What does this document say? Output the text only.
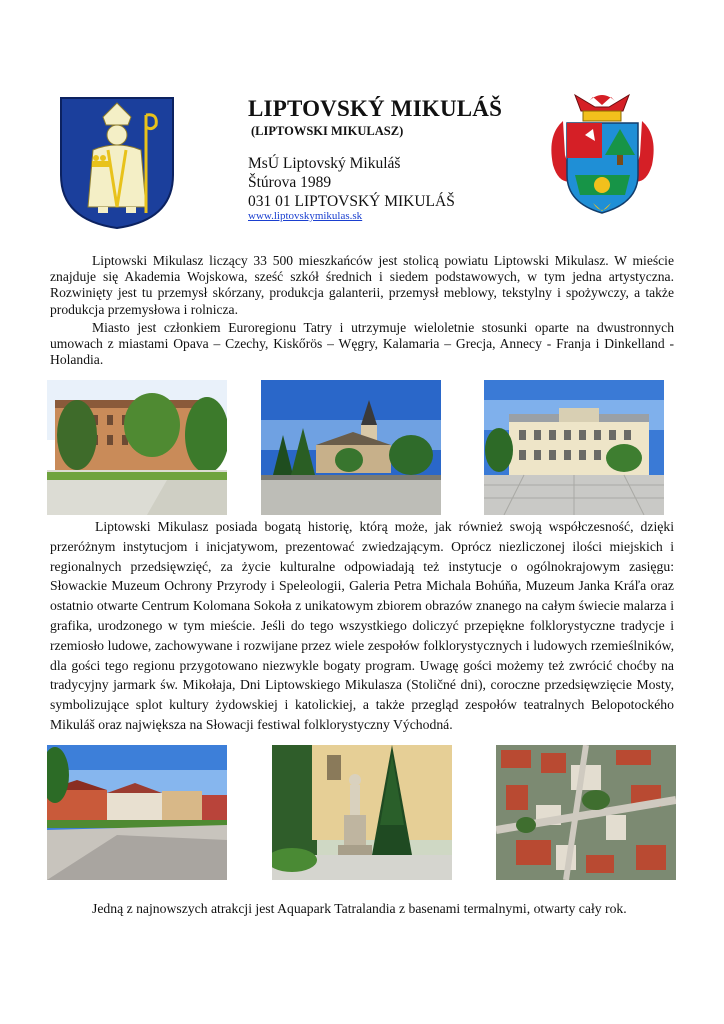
LIPTOVSKÝ MIKULÁŠ
(LIPTOWSKI MIKULASZ)
MsÚ Liptovský Mikuláš
Štúrova 1989
031 01 LIPTOVSKÝ MIKULÁŠ
www.liptovskymikulas.sk

Liptowski Mikulasz liczący 33 500 mieszkańców jest stolicą powiatu Liptowski Mikulasz. W mieście znajduje się Akademia Wojskowa, sześć szkół średnich i siedem podstawowych, w tym jedna artystyczna. Rozwinięty jest tu przemysł skórzany, produkcja galanterii, przemysł meblowy, tekstylny i spożywczy, a także produkcja przemysłowa i rolnicza.

Miasto jest członkiem Euroregionu Tatry i utrzymuje wieloletnie stosunki oparte na dwustronnych umowach z miastami Opava – Czechy, Kiskőrös – Węgry, Kalamaria – Grecja, Annecy - Franja i Dinkelland - Holandia.

Liptowski Mikulasz posiada bogatą historię, którą może, jak również swoją współczesność, dzięki przeróżnym instytucjom i inicjatywom, prezentować zwiedzającym. Oprócz niezliczonej ilości miejskich i regionalnych przedsięwzięć, za życie kulturalne odpowiadają też instytucje o ogólnokrajowym zasięgu: Słowackie Muzeum Ochrony Przyrody i Speleologii, Galeria Petra Michala Bohúňa, Muzeum Janka Kráľa oraz ostatnio otwarte Centrum Kolomana Sokoła z unikatowym zbiorem obrazów znanego na całym świecie malarza i grafika, urodzonego w tym mieście. Jeśli do tego wszystkiego doliczyć przepiękne folklorystyczne tradycje i rzemiosło ludowe, zachowywane i rozwijane przez wiele zespołów folklorystycznych i ludowych rzemieślników, dla gości tego regionu przygotowano niezwykle bogaty program. Uwagę gości możemy też zwrócić choćby na tradycyjny jarmark św. Mikołaja, Dni Liptowskiego Mikulasza (Stoličné dni), coroczne przedsięwzięcie Mosty, symbolizujące splot kultury żydowskiej i katolickiej, a także przegląd zespołów teatralnych Belopotockého Mikuláš oraz największa na Słowacji festiwal folklorystyczny Východná.

Jedną z najnowszych atrakcji jest Aquapark Tatralandia z basenami termalnymi, otwarty cały rok.
